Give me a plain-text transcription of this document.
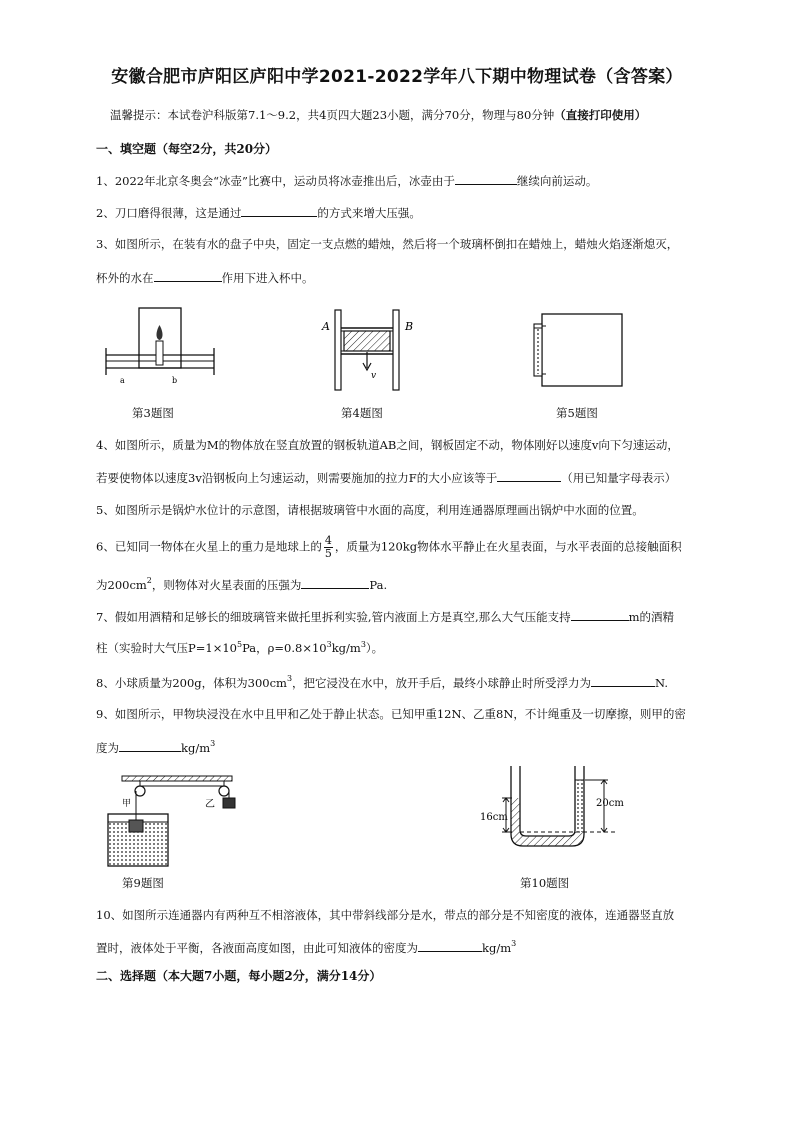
安徽合肥市庐阳区庐阳中学2021-2022学年八下期中物理试卷（含答案）
温馨提示：本试卷沪科版第7.1～9.2，共4页四大题23小题，满分70分，物理与80分钟（直接打印使用）
一、填空题（每空2分，共20分）
1、2022年北京冬奥会“冰壶”比赛中，运动员将冰壶推出后，冰壶由于	继续向前运动。
2、刀口磨得很薄，这是通过	的方式来增大压强。
3、如图所示，在装有水的盘子中央，固定一支点燃的蜡烛，然后将一个玻璃杯倒扣在蜡烛上，蜡烛火焰逐渐熄灭，
杯外的水在	作用下进入杯中。
a	b
第3题图
A	B
v
第4题图	第5题图
4、如图所示，质量为M的物体放在竖直放置的钢板轨道AB之间，钢板固定不动，物体刚好以速度v向下匀速运动，
若要使物体以速度3v沿钢板向上匀速运动，则需要施加的拉力F的大小应该等于	（用已知量字母表示）
5、如图所示是锅炉水位计的示意图，请根据玻璃管中水面的高度，利用连通器原理画出锅炉中水面的位置。
6、已知同一物体在火星上的重力是地球上的 $\frac{4}{5}$ ，质量为120kg物体水平静止在火星表面，与水平表面的总接触面积
为$200cm^2$，则物体对火星表面的压强为	Pa.
7、假如用酒精和足够长的细玻璃管来做托里拆利实验,管内液面上方是真空,那么大气压能支持	m的酒精
柱（实验时大气压$P=1\times 10^5Pa$，$\rho=0.8\times 10^3kg/m^3$）。
8、小球质量为200g，体积为$300cm^3$，把它浸没在水中，放开手后，最终小球静止时所受浮力为	N.
9、如图所示，甲物块浸没在水中且甲和乙处于静止状态。已知甲重12N、乙重8N，不计绳重及一切摩擦，则甲的密
度为	$kg/m^3$
乙
甲
第9题图
16cm
20cm
第10题图
10、如图所示连通器内有两种互不相溶液体，其中带斜线部分是水，带点的部分是不知密度的液体，连通器竖直放
置时，液体处于平衡，各液面高度如图，由此可知液体的密度为	$kg/m^3$
二、选择题（本大题7小题，每小题2分，满分14分）
